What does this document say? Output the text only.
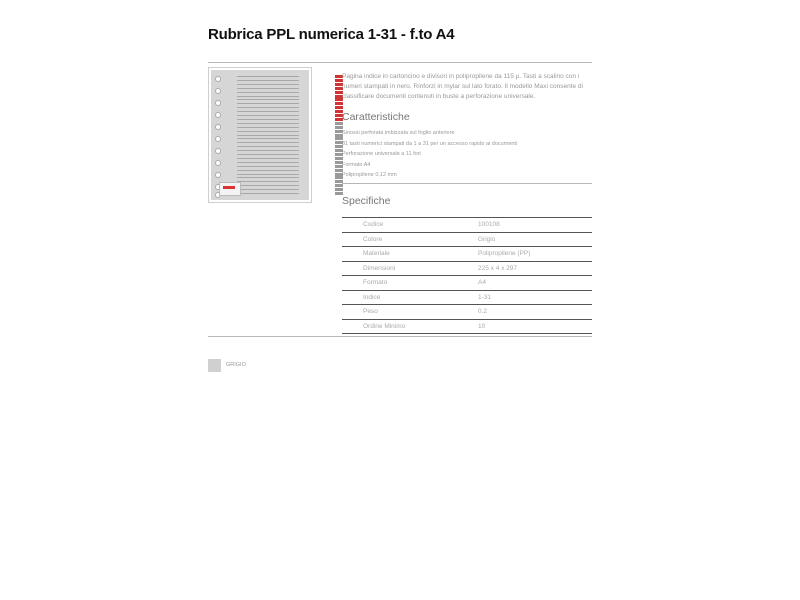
Rubrica PPL numerica 1-31 - f.to A4
Pagina indice in cartoncino e divisori in polipropilene da 115 µ. Tasti a scalino con i numeri stampati in nero. Rinforzi in mylar sul lato forato. Il modello Maxi consente di classificare documenti contenuti in buste a perforazione universale.
Caratteristiche
Sinossi perforata imbizzata sul foglio anteriore
31 tasti numerici stampati da 1 a 31 per un accesso rapido ai documenti
Perforazione universale a 11 fori
Formato A4
Polipropilene 0,12 mm
Specifiche
Codice	100108
Colore	Grigio
Materiale	Polipropilene (PP)
Dimensioni	225 x 4 x 297
Formato	A4
Indice	1-31
Peso	0.2
Ordine Minimo	10
GRIGIO
